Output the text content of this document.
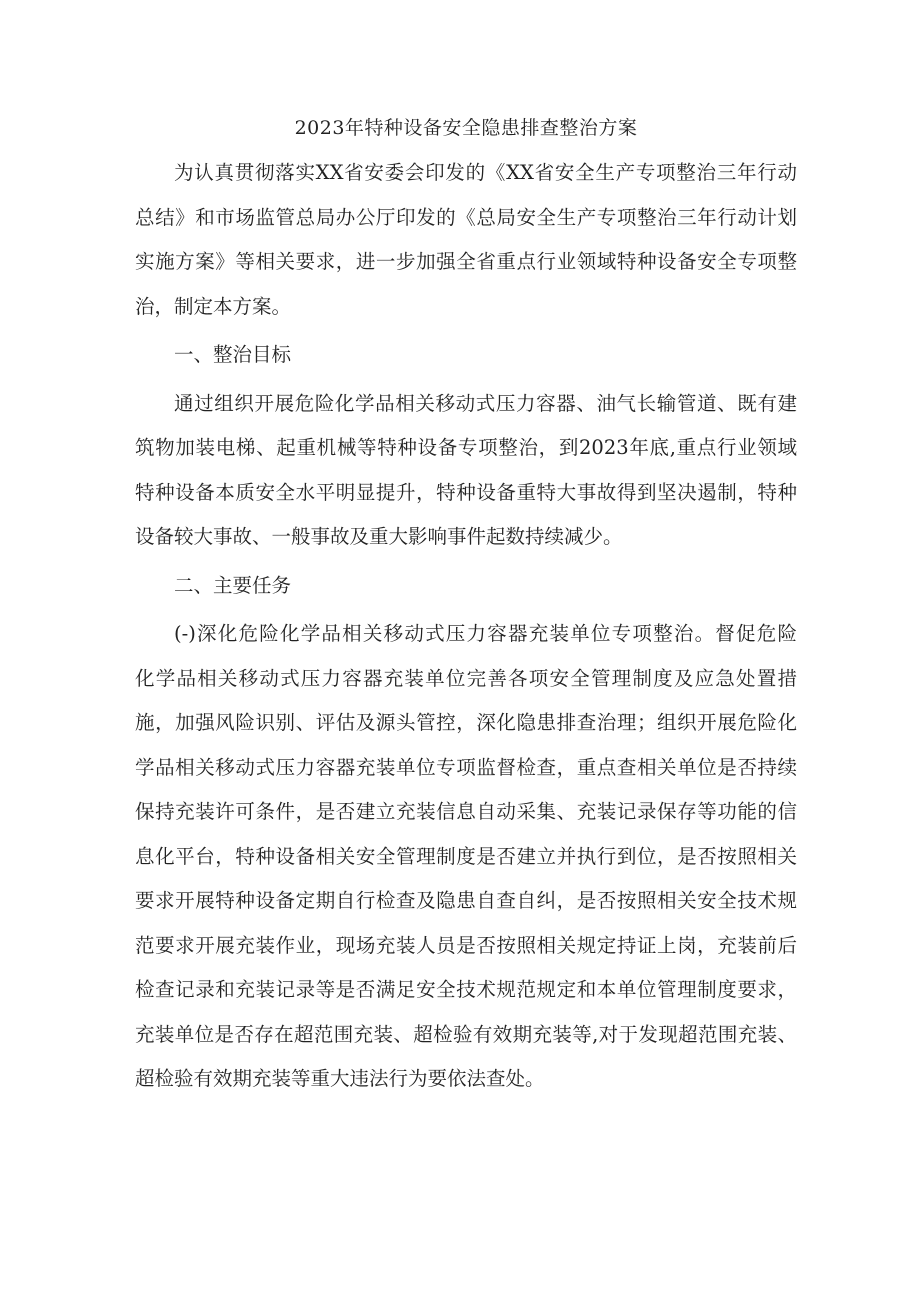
2023年特种设备安全隐患排查整治方案
为认真贯彻落实XX省安委会印发的《XX省安全生产专项整治三年行动
总结》和市场监管总局办公厅印发的《总局安全生产专项整治三年行动计划
实施方案》等相关要求，进一步加强全省重点行业领域特种设备安全专项整
治，制定本方案。
一、整治目标
通过组织开展危险化学品相关移动式压力容器、油气长输管道、既有建
筑物加装电梯、起重机械等特种设备专项整治，到2023年底,重点行业领域
特种设备本质安全水平明显提升，特种设备重特大事故得到坚决遏制，特种
设备较大事故、一般事故及重大影响事件起数持续减少。
二、主要任务
(-)深化危险化学品相关移动式压力容器充装单位专项整治。督促危险
化学品相关移动式压力容器充装单位完善各项安全管理制度及应急处置措
施，加强风险识别、评估及源头管控，深化隐患排查治理；组织开展危险化
学品相关移动式压力容器充装单位专项监督检查，重点查相关单位是否持续
保持充装许可条件，是否建立充装信息自动采集、充装记录保存等功能的信
息化平台，特种设备相关安全管理制度是否建立并执行到位，是否按照相关
要求开展特种设备定期自行检查及隐患自查自纠，是否按照相关安全技术规
范要求开展充装作业，现场充装人员是否按照相关规定持证上岗，充装前后
检查记录和充装记录等是否满足安全技术规范规定和本单位管理制度要求，
充装单位是否存在超范围充装、超检验有效期充装等,对于发现超范围充装、
超检验有效期充装等重大违法行为要依法查处。
